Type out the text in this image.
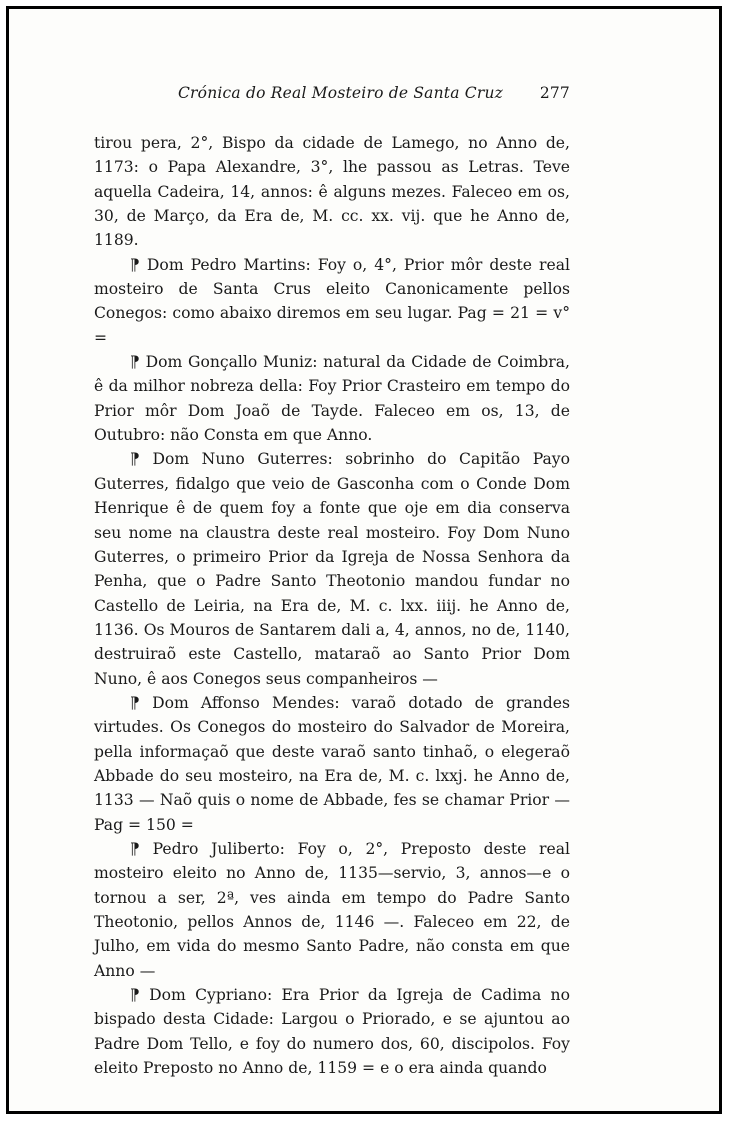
Crónica do Real Mosteiro de Santa Cruz 277

tirou pera, 2°, Bispo da cidade de Lamego, no Anno de, 1173: o Papa Alexandre, 3°, lhe passou as Letras. Teve aquella Cadeira, 14, annos: ê alguns mezes. Faleceo em os, 30, de Março, da Era de, M. cc. xx. vij. que he Anno de, 1189.

⁋ Dom Pedro Martins: Foy o, 4°, Prior môr deste real mosteiro de Santa Crus eleito Canonicamente pellos Conegos: como abaixo diremos em seu lugar. Pag = 21 = v° =

⁋ Dom Gonçallo Muniz: natural da Cidade de Coimbra, ê da milhor nobreza della: Foy Prior Crasteiro em tempo do Prior môr Dom Joaõ de Tayde. Faleceo em os, 13, de Outubro: não Consta em que Anno.

⁋ Dom Nuno Guterres: sobrinho do Capitão Payo Guterres, fidalgo que veio de Gasconha com o Conde Dom Henrique ê de quem foy a fonte que oje em dia conserva seu nome na claustra deste real mosteiro. Foy Dom Nuno Guterres, o primeiro Prior da Igreja de Nossa Senhora da Penha, que o Padre Santo Theotonio mandou fundar no Castello de Leiria, na Era de, M. c. lxx. iiij. he Anno de, 1136. Os Mouros de Santarem dali a, 4, annos, no de, 1140, destruiraõ este Castello, mataraõ ao Santo Prior Dom Nuno, ê aos Conegos seus companheiros —

⁋ Dom Affonso Mendes: varaõ dotado de grandes virtudes. Os Conegos do mosteiro do Salvador de Moreira, pella informaçaõ que deste varaõ santo tinhaõ, o elegeraõ Abbade do seu mosteiro, na Era de, M. c. lxxj. he Anno de, 1133 — Naõ quis o nome de Abbade, fes se chamar Prior — Pag = 150 =

⁋ Pedro Juliberto: Foy o, 2°, Preposto deste real mosteiro eleito no Anno de, 1135—servio, 3, annos—e o tornou a ser, 2ª, ves ainda em tempo do Padre Santo Theotonio, pellos Annos de, 1146 —. Faleceo em 22, de Julho, em vida do mesmo Santo Padre, não consta em que Anno —

⁋ Dom Cypriano: Era Prior da Igreja de Cadima no bispado desta Cidade: Largou o Priorado, e se ajuntou ao Padre Dom Tello, e foy do numero dos, 60, discipolos. Foy eleito Preposto no Anno de, 1159 = e o era ainda quando
